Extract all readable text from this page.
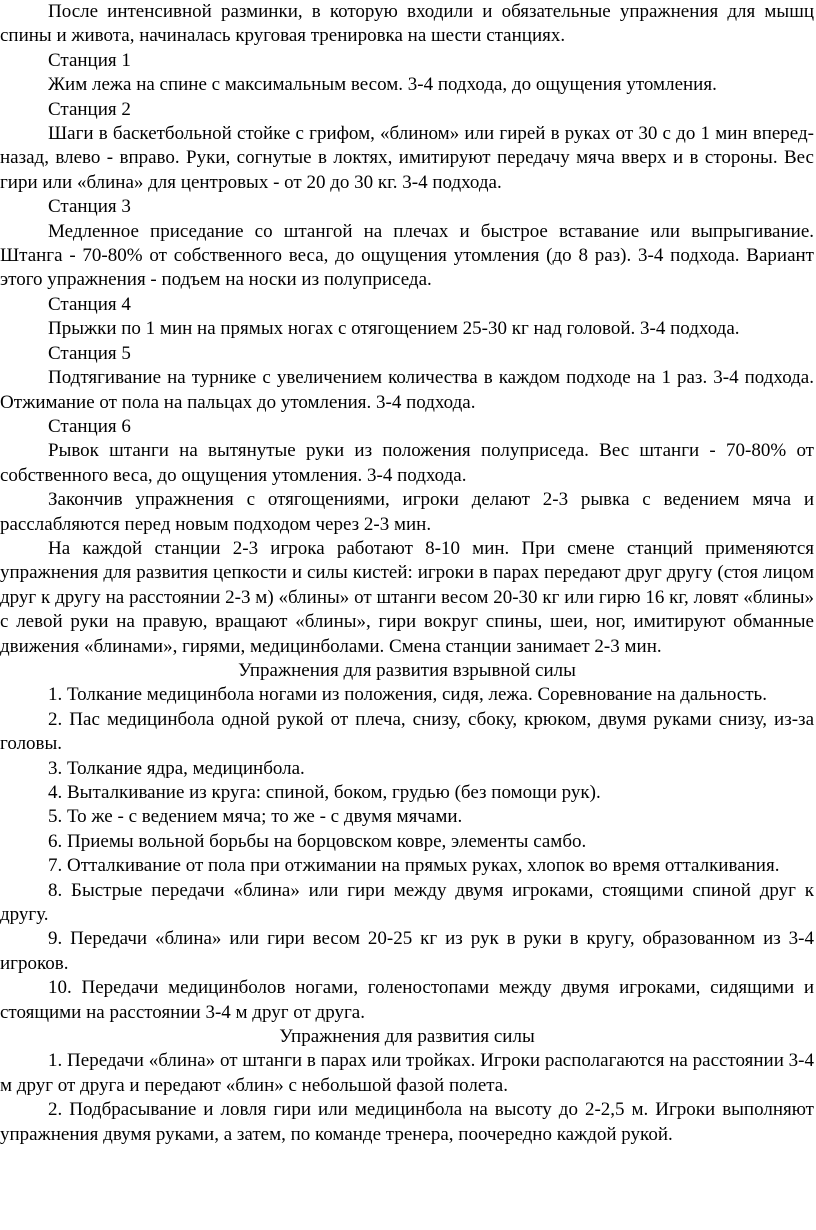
После интенсивной разминки, в которую входили и обязательные упражнения для мышц спины и живота, начиналась круговая тренировка на шести станциях.

Станция 1

Жим лежа на спине с максимальным весом. 3-4 подхода, до ощущения утомления.

Станция 2

Шаги в баскетбольной стойке с грифом, «блином» или гирей в руках от 30 с до 1 мин вперед-назад, влево - вправо. Руки, согнутые в локтях, имитируют передачу мяча вверх и в стороны. Вес гири или «блина» для центровых - от 20 до 30 кг. 3-4 подхода.

Станция 3

Медленное приседание со штангой на плечах и быстрое вставание или выпрыгивание. Штанга - 70-80% от собственного веса, до ощущения утомления (до 8 раз). 3-4 подхода. Вариант этого упражнения - подъем на носки из полуприседа.

Станция 4

Прыжки по 1 мин на прямых ногах с отягощением 25-30 кг над головой. 3-4 подхода.

Станция 5

Подтягивание на турнике с увеличением количества в каждом подходе на 1 раз. 3-4 подхода. Отжимание от пола на пальцах до утомления. 3-4 подхода.

Станция 6

Рывок штанги на вытянутые руки из положения полуприседа. Вес штанги - 70-80% от собственного веса, до ощущения утомления. 3-4 подхода.

Закончив упражнения с отягощениями, игроки делают 2-3 рывка с ведением мяча и расслабляются перед новым подходом через 2-3 мин.

На каждой станции 2-3 игрока работают 8-10 мин. При смене станций применяются упражнения для развития цепкости и силы кистей: игроки в парах передают друг другу (стоя лицом друг к другу на расстоянии 2-3 м) «блины» от штанги весом 20-30 кг или гирю 16 кг, ловят «блины» с левой руки на правую, вращают «блины», гири вокруг спины, шеи, ног, имитируют обманные движения «блинами», гирями, медицинболами. Смена станции занимает 2-3 мин.

Упражнения для развития взрывной силы

1. Толкание медицинбола ногами из положения, сидя, лежа. Соревнование на дальность.

2. Пас медицинбола одной рукой от плеча, снизу, сбоку, крюком, двумя руками снизу, из-за головы.

3. Толкание ядра, медицинбола.

4. Выталкивание из круга: спиной, боком, грудью (без помощи рук).

5. То же - с ведением мяча; то же - с двумя мячами.

6. Приемы вольной борьбы на борцовском ковре, элементы самбо.

7. Отталкивание от пола при отжимании на прямых руках, хлопок во время отталкивания.

8. Быстрые передачи «блина» или гири между двумя игроками, стоящими спиной друг к другу.

9. Передачи «блина» или гири весом 20-25 кг из рук в руки в кругу, образованном из 3-4 игроков.

10. Передачи медицинболов ногами, голеностопами между двумя игроками, сидящими и стоящими на расстоянии 3-4 м друг от друга.

Упражнения для развития силы

1. Передачи «блина» от штанги в парах или тройках. Игроки располагаются на расстоянии 3-4 м друг от друга и передают «блин» с небольшой фазой полета.

2. Подбрасывание и ловля гири или медицинбола на высоту до 2-2,5 м. Игроки выполняют упражнения двумя руками, а затем, по команде тренера, поочередно каждой рукой.
